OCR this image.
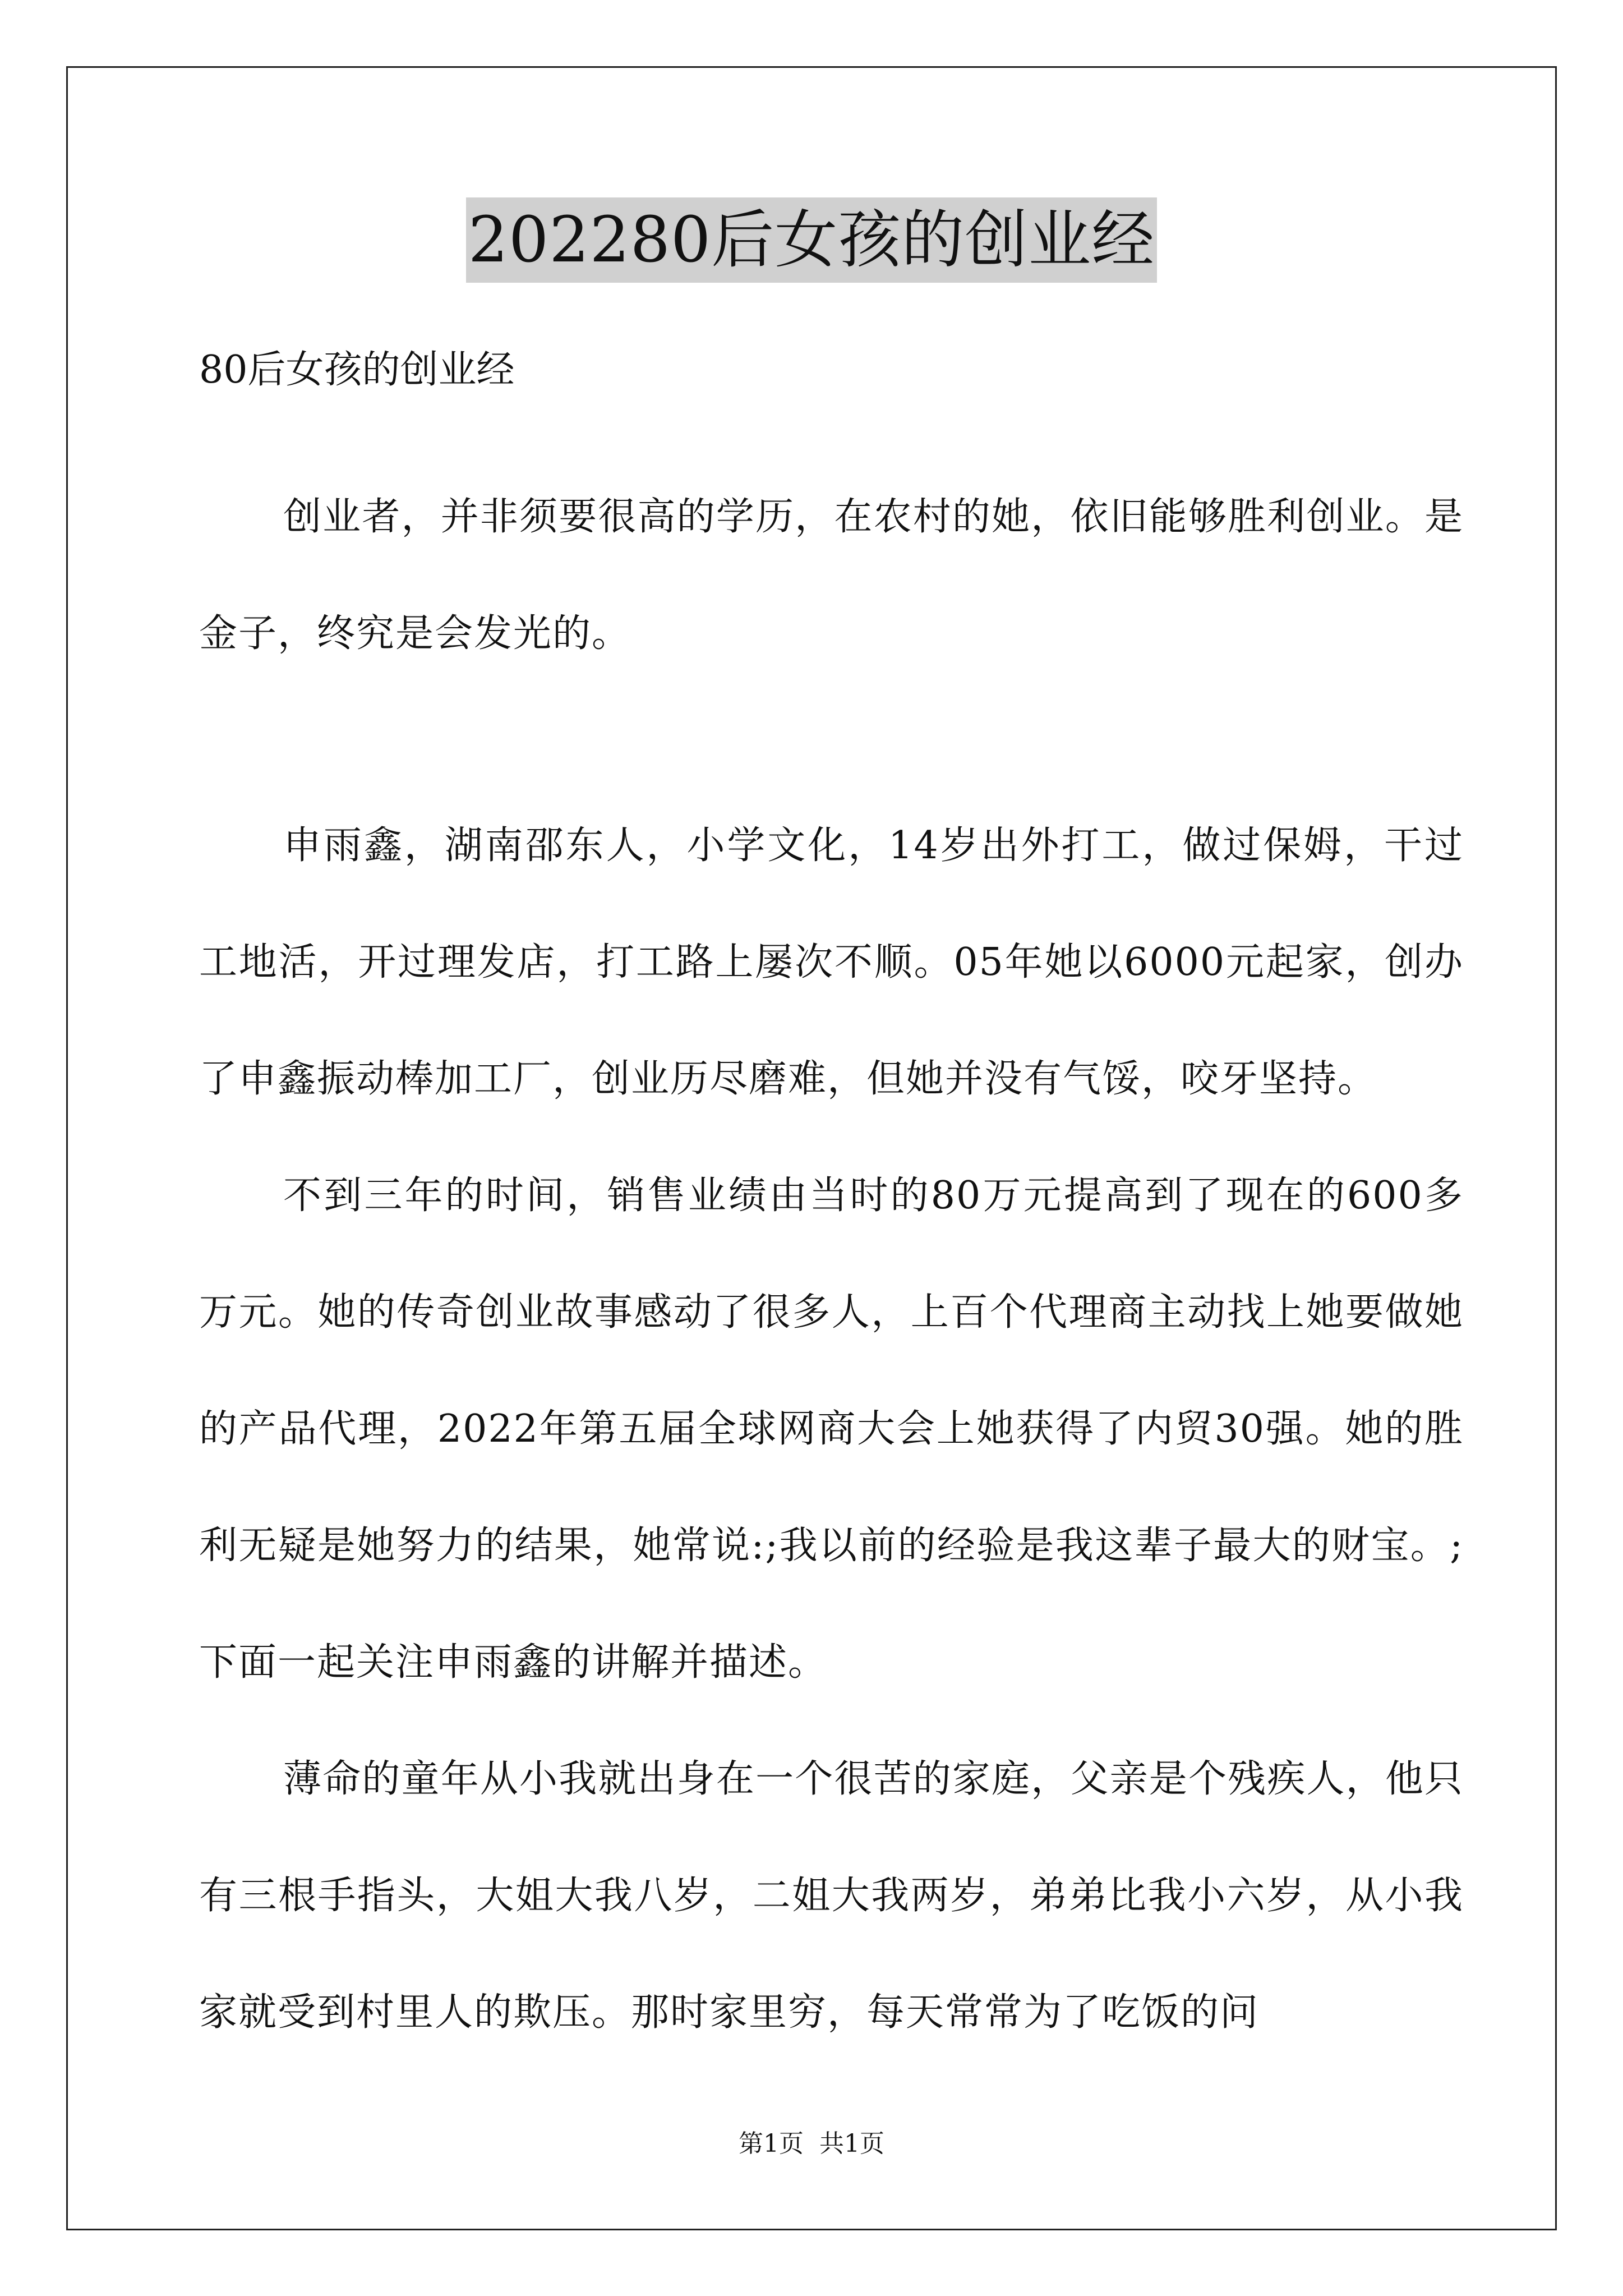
202280后女孩的创业经

80后女孩的创业经

创业者，并非须要很高的学历，在农村的她，依旧能够胜利创业。是金子，终究是会发光的。

申雨鑫，湖南邵东人，小学文化，14岁出外打工，做过保姆，干过工地活，开过理发店，打工路上屡次不顺。05年她以6000元起家，创办了申鑫振动棒加工厂，创业历尽磨难，但她并没有气馁，咬牙坚持。

不到三年的时间，销售业绩由当时的80万元提高到了现在的600多万元。她的传奇创业故事感动了很多人，上百个代理商主动找上她要做她的产品代理，2022年第五届全球网商大会上她获得了内贸30强。她的胜利无疑是她努力的结果，她常说:;我以前的经验是我这辈子最大的财宝。;下面一起关注申雨鑫的讲解并描述。

薄命的童年从小我就出身在一个很苦的家庭，父亲是个残疾人，他只有三根手指头，大姐大我八岁，二姐大我两岁，弟弟比我小六岁，从小我家就受到村里人的欺压。那时家里穷，每天常常为了吃饭的问

第1页 共1页
